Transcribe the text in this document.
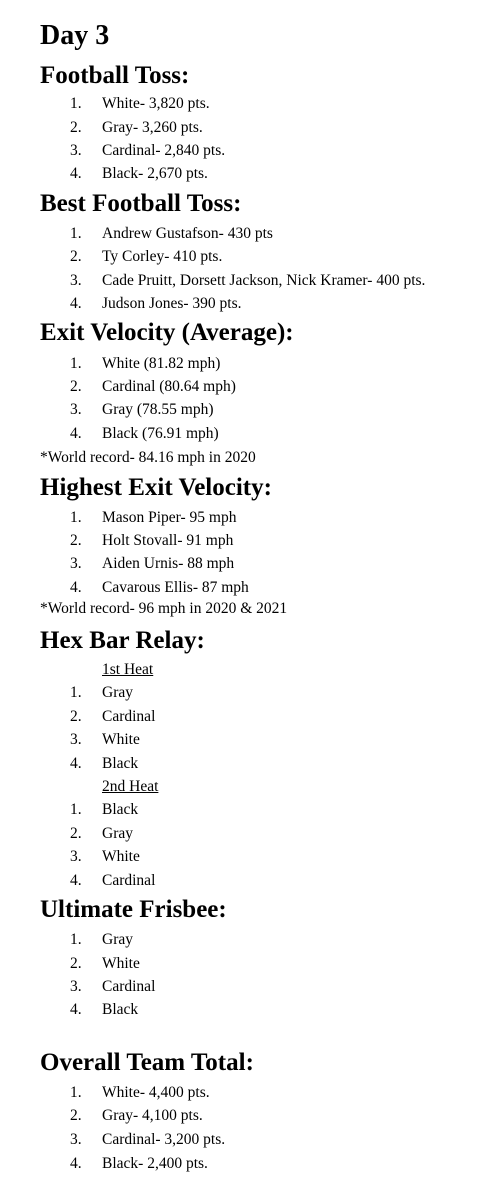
Day 3
Football Toss:
1. White- 3,820 pts.
2. Gray- 3,260 pts.
3. Cardinal- 2,840 pts.
4. Black- 2,670 pts.
Best Football Toss:
1. Andrew Gustafson- 430 pts
2. Ty Corley- 410 pts.
3. Cade Pruitt, Dorsett Jackson, Nick Kramer- 400 pts.
4. Judson Jones- 390 pts.
Exit Velocity (Average):
1. White (81.82 mph)
2. Cardinal (80.64 mph)
3. Gray (78.55 mph)
4. Black (76.91 mph)
*World record- 84.16 mph in 2020
Highest Exit Velocity:
1. Mason Piper- 95 mph
2. Holt Stovall- 91 mph
3. Aiden Urnis- 88 mph
4. Cavarous Ellis- 87 mph
*World record- 96 mph in 2020 & 2021
Hex Bar Relay:
1st Heat
1. Gray
2. Cardinal
3. White
4. Black
2nd Heat
1. Black
2. Gray
3. White
4. Cardinal
Ultimate Frisbee:
1. Gray
2. White
3. Cardinal
4. Black
Overall Team Total:
1. White- 4,400 pts.
2. Gray- 4,100 pts.
3. Cardinal- 3,200 pts.
4. Black- 2,400 pts.
